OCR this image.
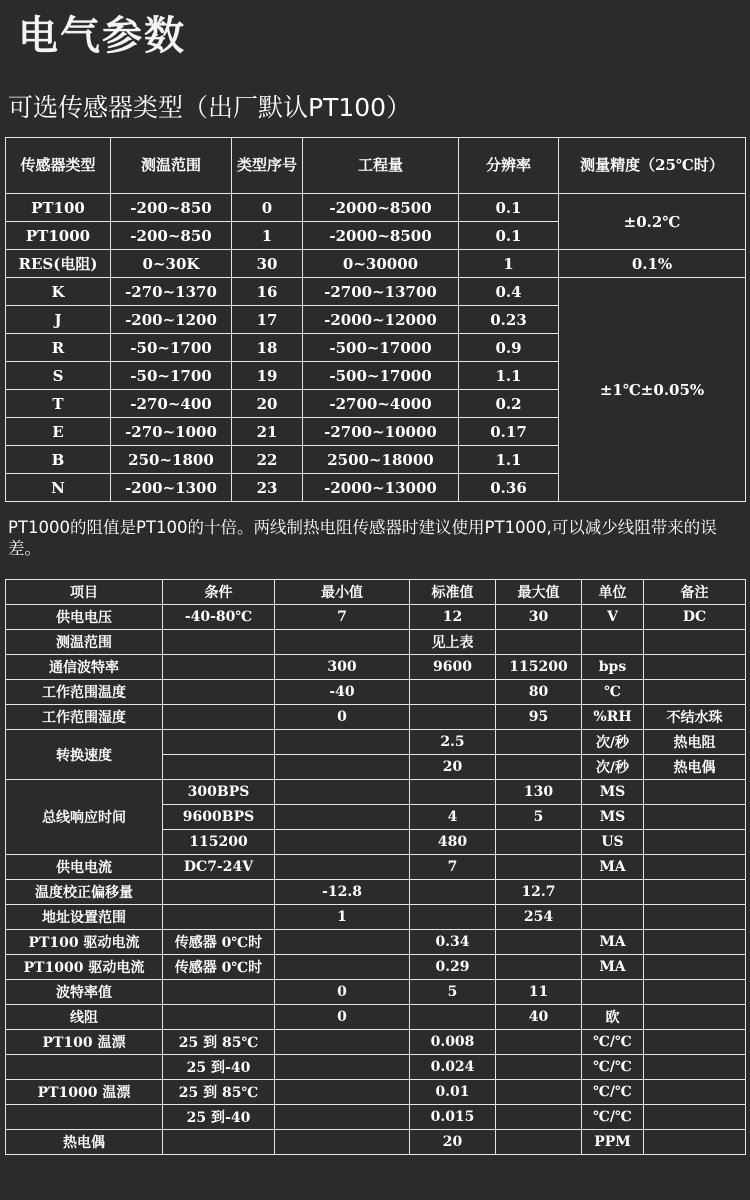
电气参数
可选传感器类型（出厂默认PT100）
传感器类型	测温范围	类型序号	工程量	分辨率	测量精度（25℃时）
PT100	-200~850	0	-2000~8500	0.1	±0.2℃
PT1000	-200~850	1	-2000~8500	0.1	
RES(电阻)	0~30K	30	0~30000	1	0.1%
K	-270~1370	16	-2700~13700	0.4	±1℃±0.05%
J	-200~1200	17	-2000~12000	0.23	
R	-50~1700	18	-500~17000	0.9	
S	-50~1700	19	-500~17000	1.1	
T	-270~400	20	-2700~4000	0.2	
E	-270~1000	21	-2700~10000	0.17	
B	250~1800	22	2500~18000	1.1	
N	-200~1300	23	-2000~13000	0.36	
PT1000的阻值是PT100的十倍。两线制热电阻传感器时建议使用PT1000,可以减少线阻带来的误差。
项目	条件	最小值	标准值	最大值	单位	备注
供电电压	-40-80℃	7	12	30	V	DC
测温范围			见上表			
通信波特率		300	9600	115200	bps	
工作范围温度		-40		80	℃	
工作范围湿度		0		95	%RH	不结水珠
转换速度			2.5		次/秒	热电阻
			20		次/秒	热电偶
总线响应时间	300BPS			130	MS	
	9600BPS		4	5	MS	
	115200		480		US	
供电电流	DC7-24V		7		MA	
温度校正偏移量		-12.8		12.7		
地址设置范围		1		254		
PT100 驱动电流	传感器 0℃时		0.34		MA	
PT1000 驱动电流	传感器 0℃时		0.29		MA	
波特率值		0	5	11		
线阻		0		40	欧	
PT100 温漂	25 到 85℃		0.008		℃/℃	
	25 到-40		0.024		℃/℃	
PT1000 温漂	25 到 85℃		0.01		℃/℃	
	25 到-40		0.015		℃/℃	
热电偶			20		PPM	
